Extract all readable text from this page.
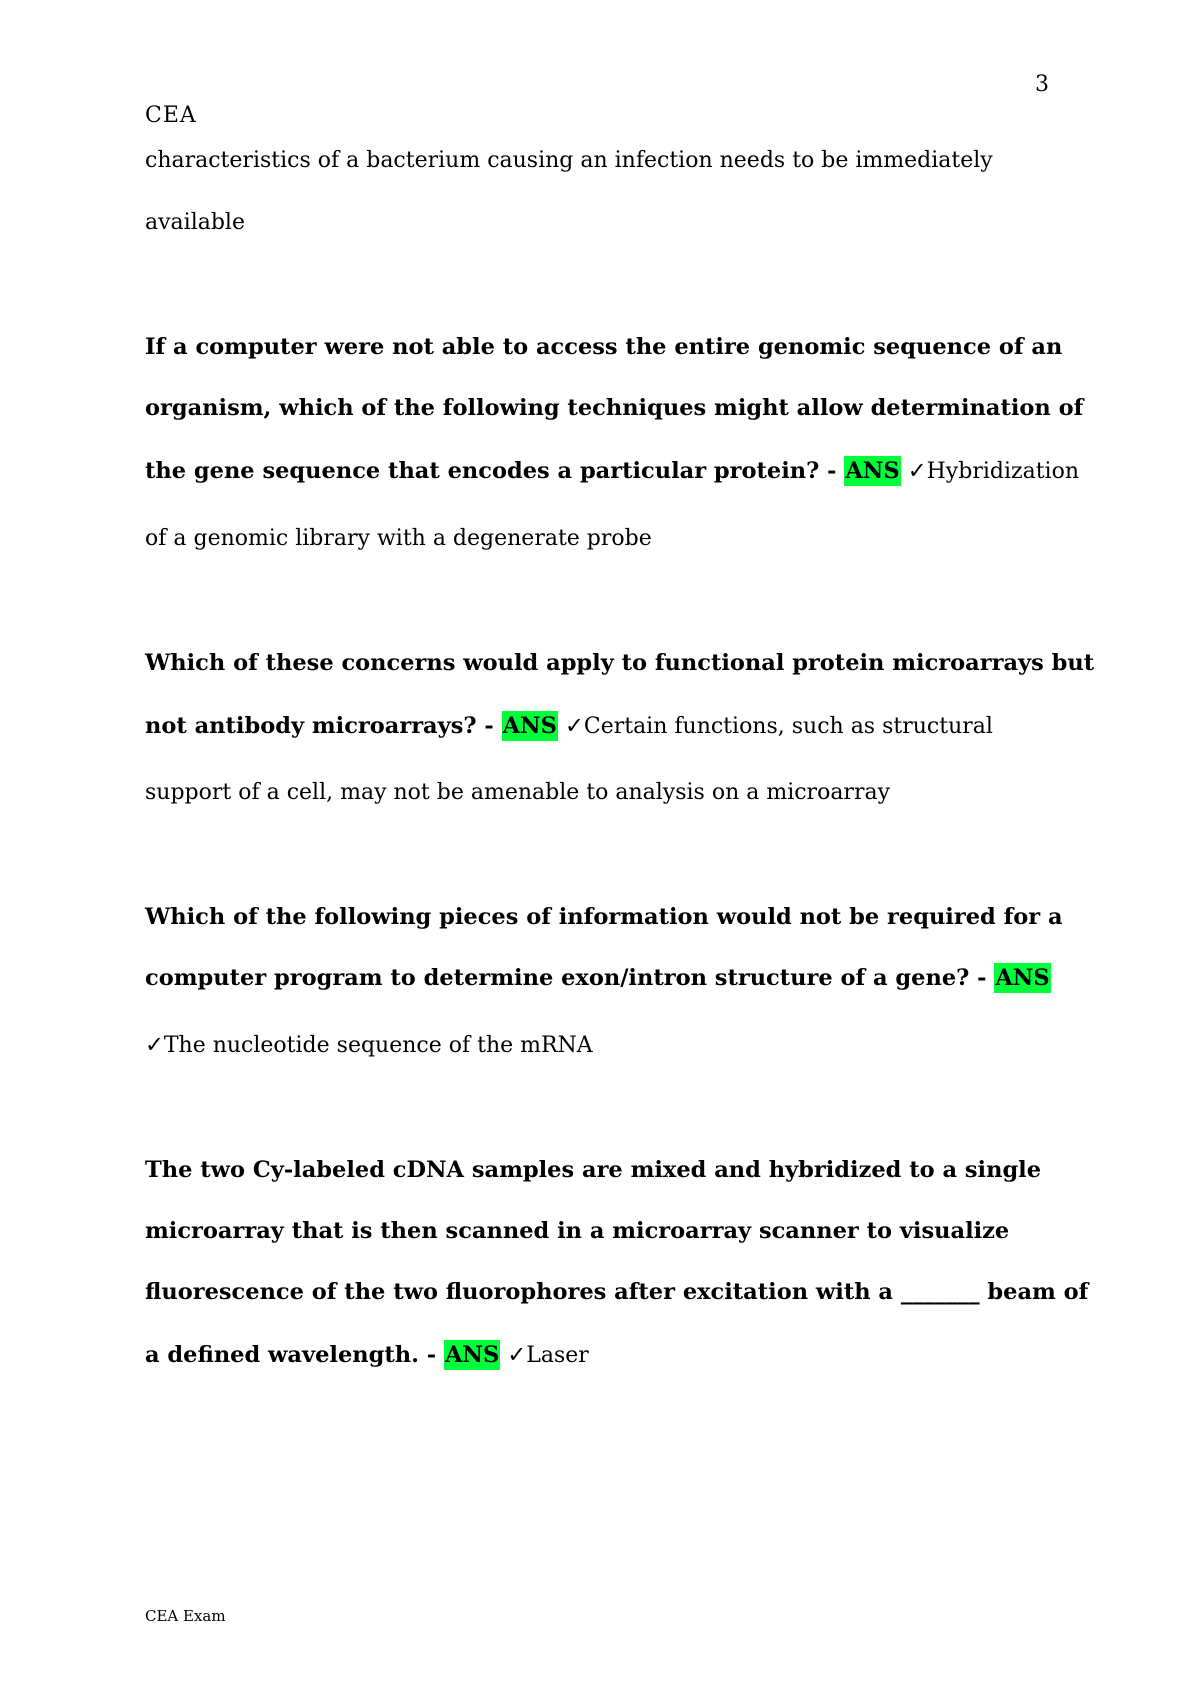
3
CEA
characteristics of a bacterium causing an infection needs to be immediately
available
If a computer were not able to access the entire genomic sequence of an
organism, which of the following techniques might allow determination of
the gene sequence that encodes a particular protein? - ANS ✓Hybridization
of a genomic library with a degenerate probe
Which of these concerns would apply to functional protein microarrays but
not antibody microarrays? - ANS ✓Certain functions, such as structural
support of a cell, may not be amenable to analysis on a microarray
Which of the following pieces of information would not be required for a
computer program to determine exon/intron structure of a gene? - ANS
✓The nucleotide sequence of the mRNA
The two Cy-labeled cDNA samples are mixed and hybridized to a single
microarray that is then scanned in a microarray scanner to visualize
fluorescence of the two fluorophores after excitation with a _______ beam of
a defined wavelength. - ANS ✓Laser
CEA Exam
